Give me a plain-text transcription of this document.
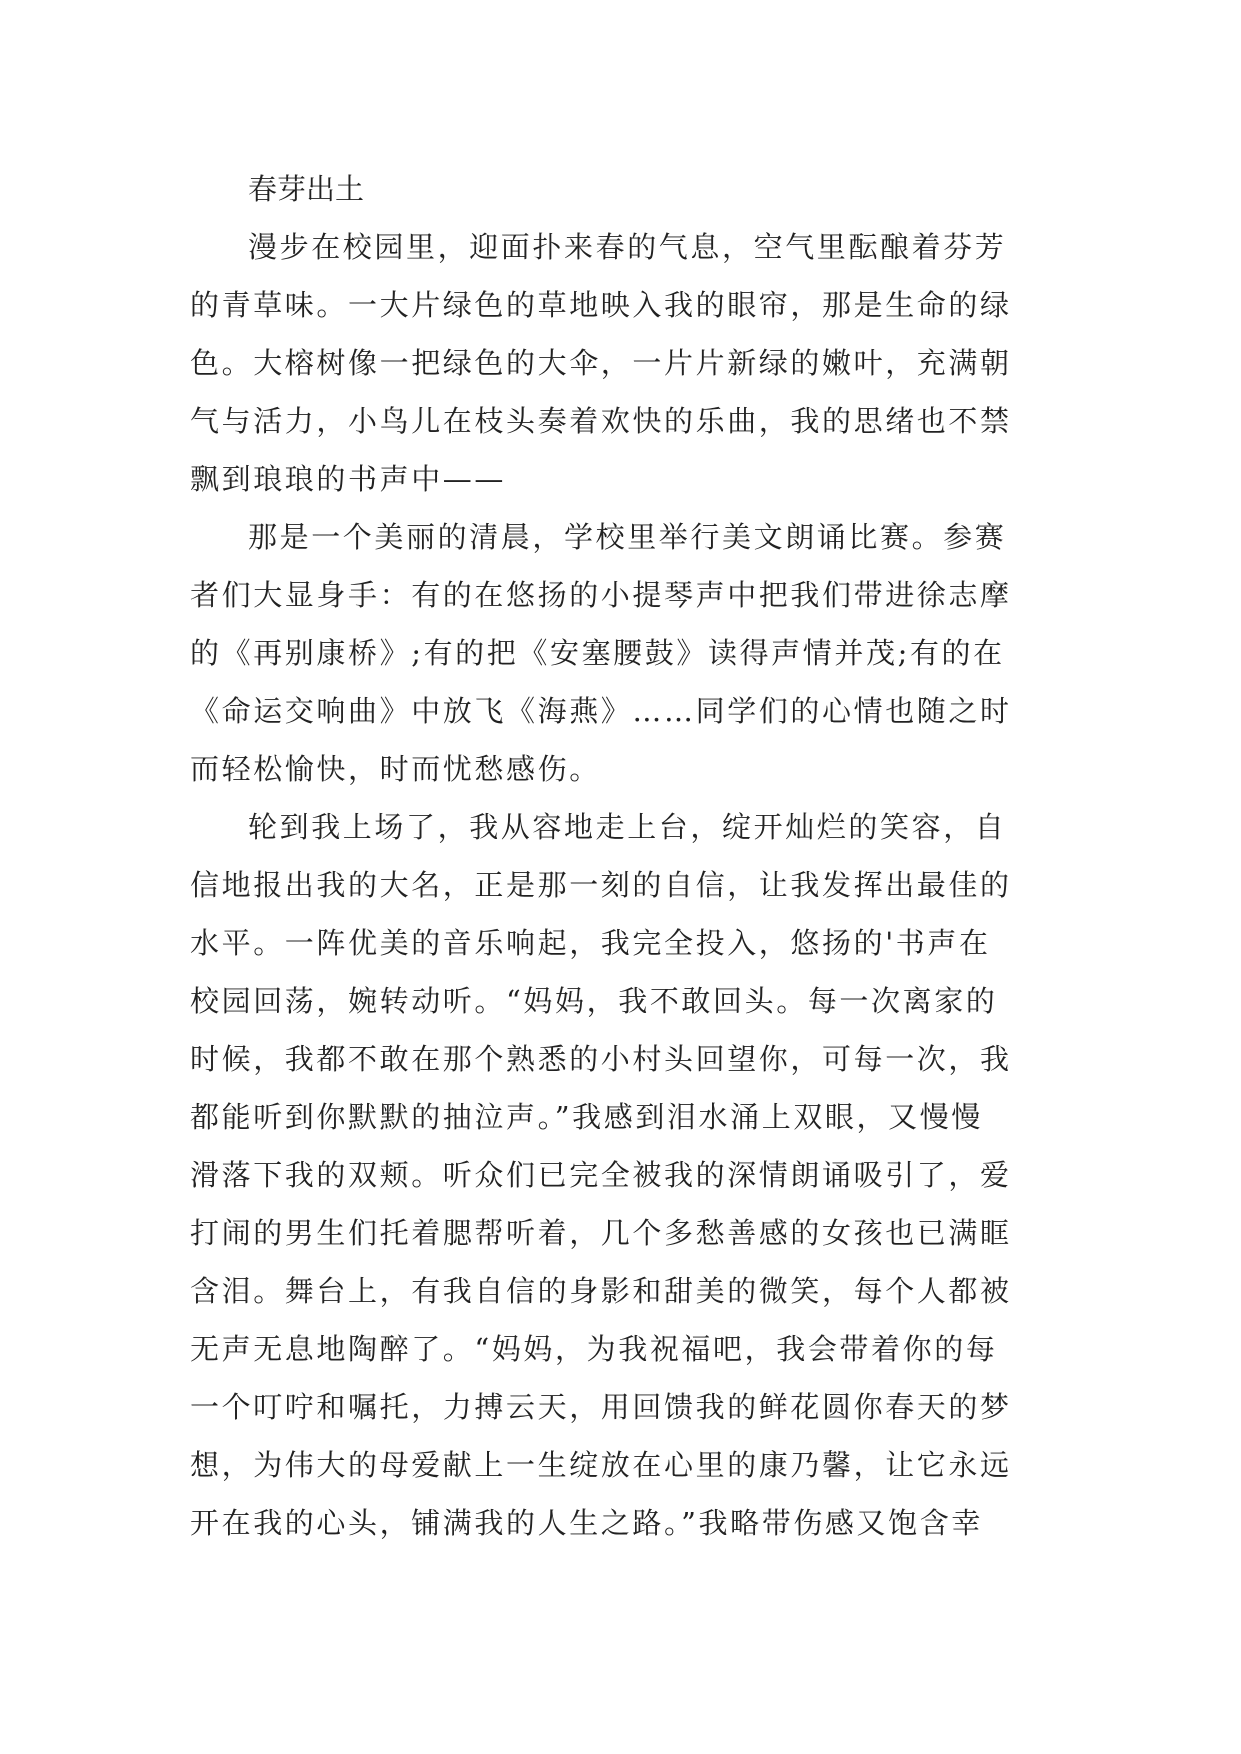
春芽出土

漫步在校园里，迎面扑来春的气息，空气里酝酿着芬芳
的青草味。一大片绿色的草地映入我的眼帘，那是生命的绿
色。大榕树像一把绿色的大伞，一片片新绿的嫩叶，充满朝
气与活力，小鸟儿在枝头奏着欢快的乐曲，我的思绪也不禁
飘到琅琅的书声中——

那是一个美丽的清晨，学校里举行美文朗诵比赛。参赛
者们大显身手：有的在悠扬的小提琴声中把我们带进徐志摩
的《再别康桥》;有的把《安塞腰鼓》读得声情并茂;有的在
《命运交响曲》中放飞《海燕》……同学们的心情也随之时
而轻松愉快，时而忧愁感伤。

轮到我上场了，我从容地走上台，绽开灿烂的笑容，自
信地报出我的大名，正是那一刻的自信，让我发挥出最佳的
水平。一阵优美的音乐响起，我完全投入，悠扬的'书声在
校园回荡，婉转动听。“妈妈，我不敢回头。每一次离家的
时候，我都不敢在那个熟悉的小村头回望你，可每一次，我
都能听到你默默的抽泣声。”我感到泪水涌上双眼，又慢慢
滑落下我的双颊。听众们已完全被我的深情朗诵吸引了，爱
打闹的男生们托着腮帮听着，几个多愁善感的女孩也已满眶
含泪。舞台上，有我自信的身影和甜美的微笑，每个人都被
无声无息地陶醉了。“妈妈，为我祝福吧，我会带着你的每
一个叮咛和嘱托，力搏云天，用回馈我的鲜花圆你春天的梦
想，为伟大的母爱献上一生绽放在心里的康乃馨，让它永远
开在我的心头，铺满我的人生之路。”我略带伤感又饱含幸
